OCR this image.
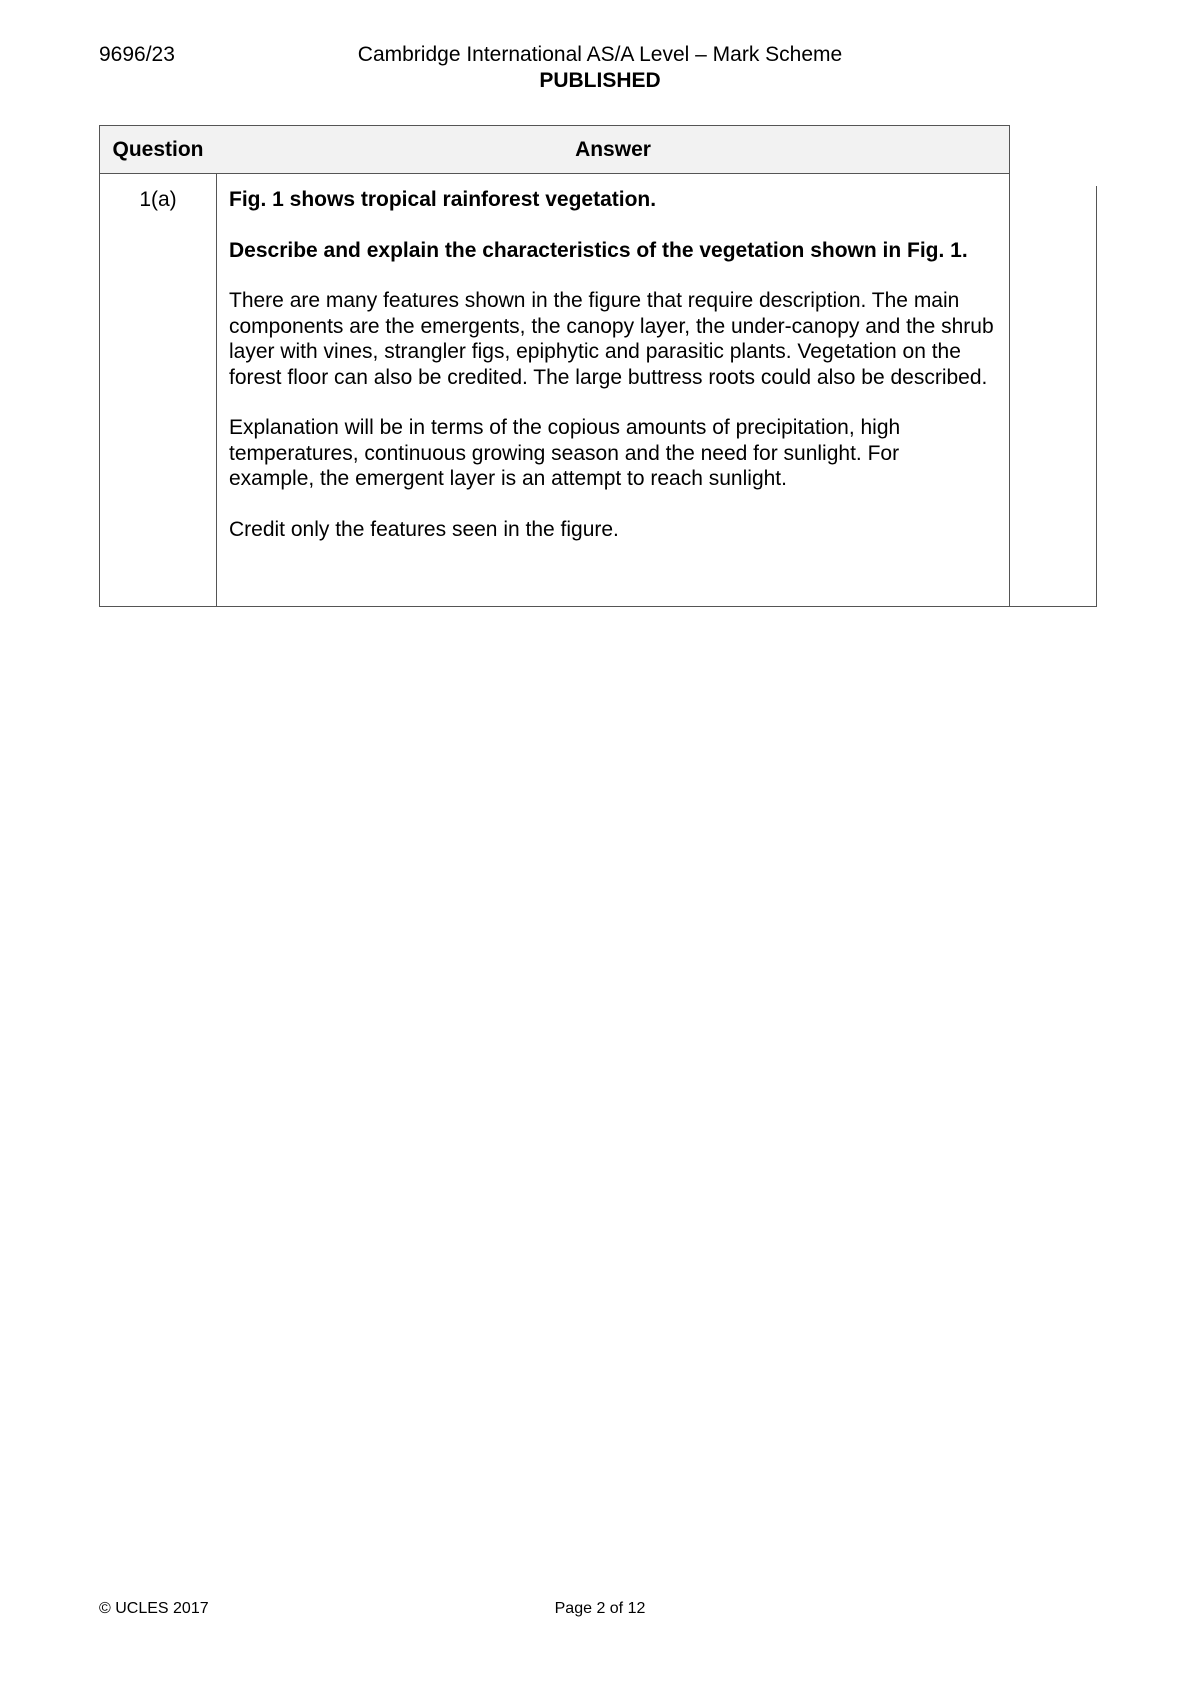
9696/23	Cambridge International AS/A Level – Mark Scheme
PUBLISHED
Question	Answer
1(a)	Fig. 1 shows tropical rainforest vegetation.

Describe and explain the characteristics of the vegetation shown in Fig. 1.

There are many features shown in the figure that require description. The main components are the emergents, the canopy layer, the under-canopy and the shrub layer with vines, strangler figs, epiphytic and parasitic plants. Vegetation on the forest floor can also be credited. The large buttress roots could also be described.

Explanation will be in terms of the copious amounts of precipitation, high temperatures, continuous growing season and the need for sunlight. For example, the emergent layer is an attempt to reach sunlight.

Credit only the features seen in the figure.

© UCLES 2017	Page 2 of 12
